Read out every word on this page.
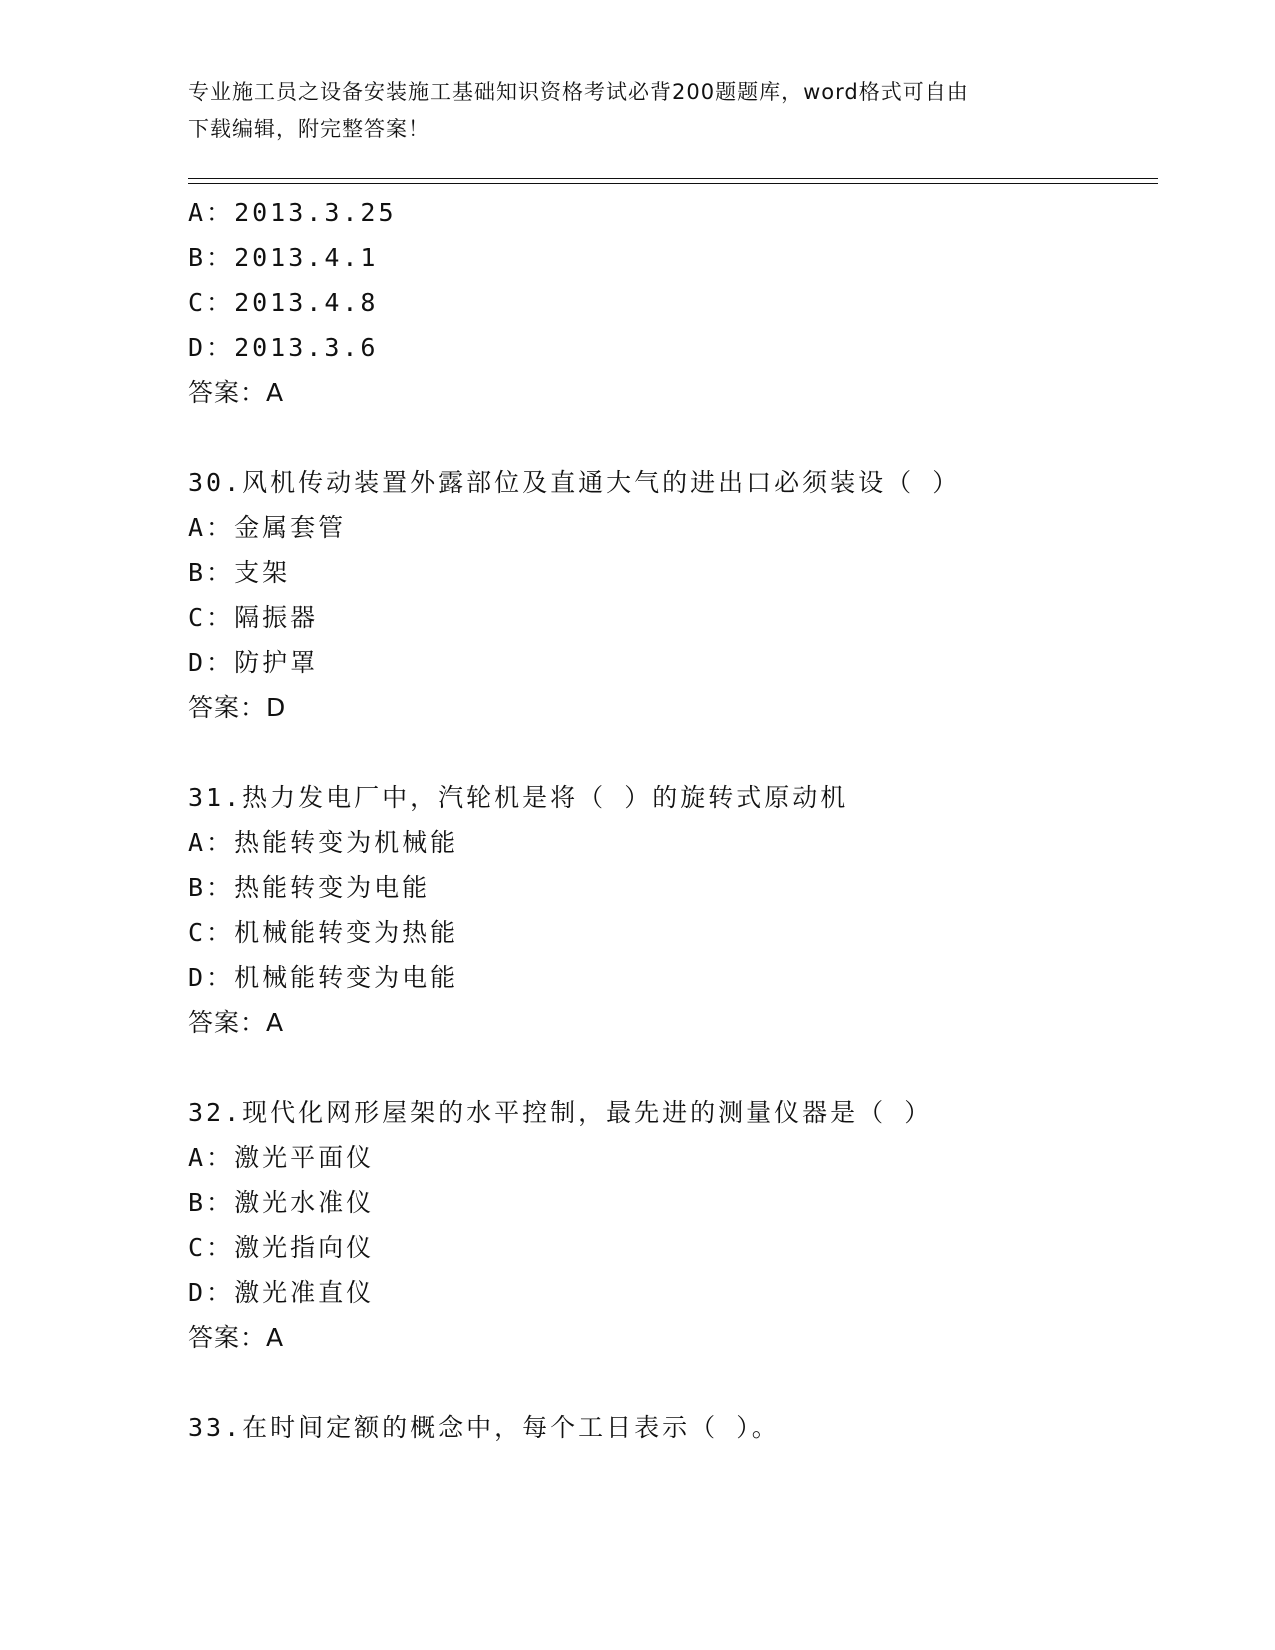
专业施工员之设备安装施工基础知识资格考试必背200题题库，word格式可自由
下载编辑，附完整答案！
A：2013.3.25
B：2013.4.1
C：2013.4.8
D：2013.3.6
答案：A
30.风机传动装置外露部位及直通大气的进出口必须装设（ ）
A：金属套管
B：支架
C：隔振器
D：防护罩
答案：D
31.热力发电厂中，汽轮机是将（ ）的旋转式原动机
A：热能转变为机械能
B：热能转变为电能
C：机械能转变为热能
D：机械能转变为电能
答案：A
32.现代化网形屋架的水平控制，最先进的测量仪器是（ ）
A：激光平面仪
B：激光水准仪
C：激光指向仪
D：激光准直仪
答案：A
33.在时间定额的概念中，每个工日表示（ ）。
